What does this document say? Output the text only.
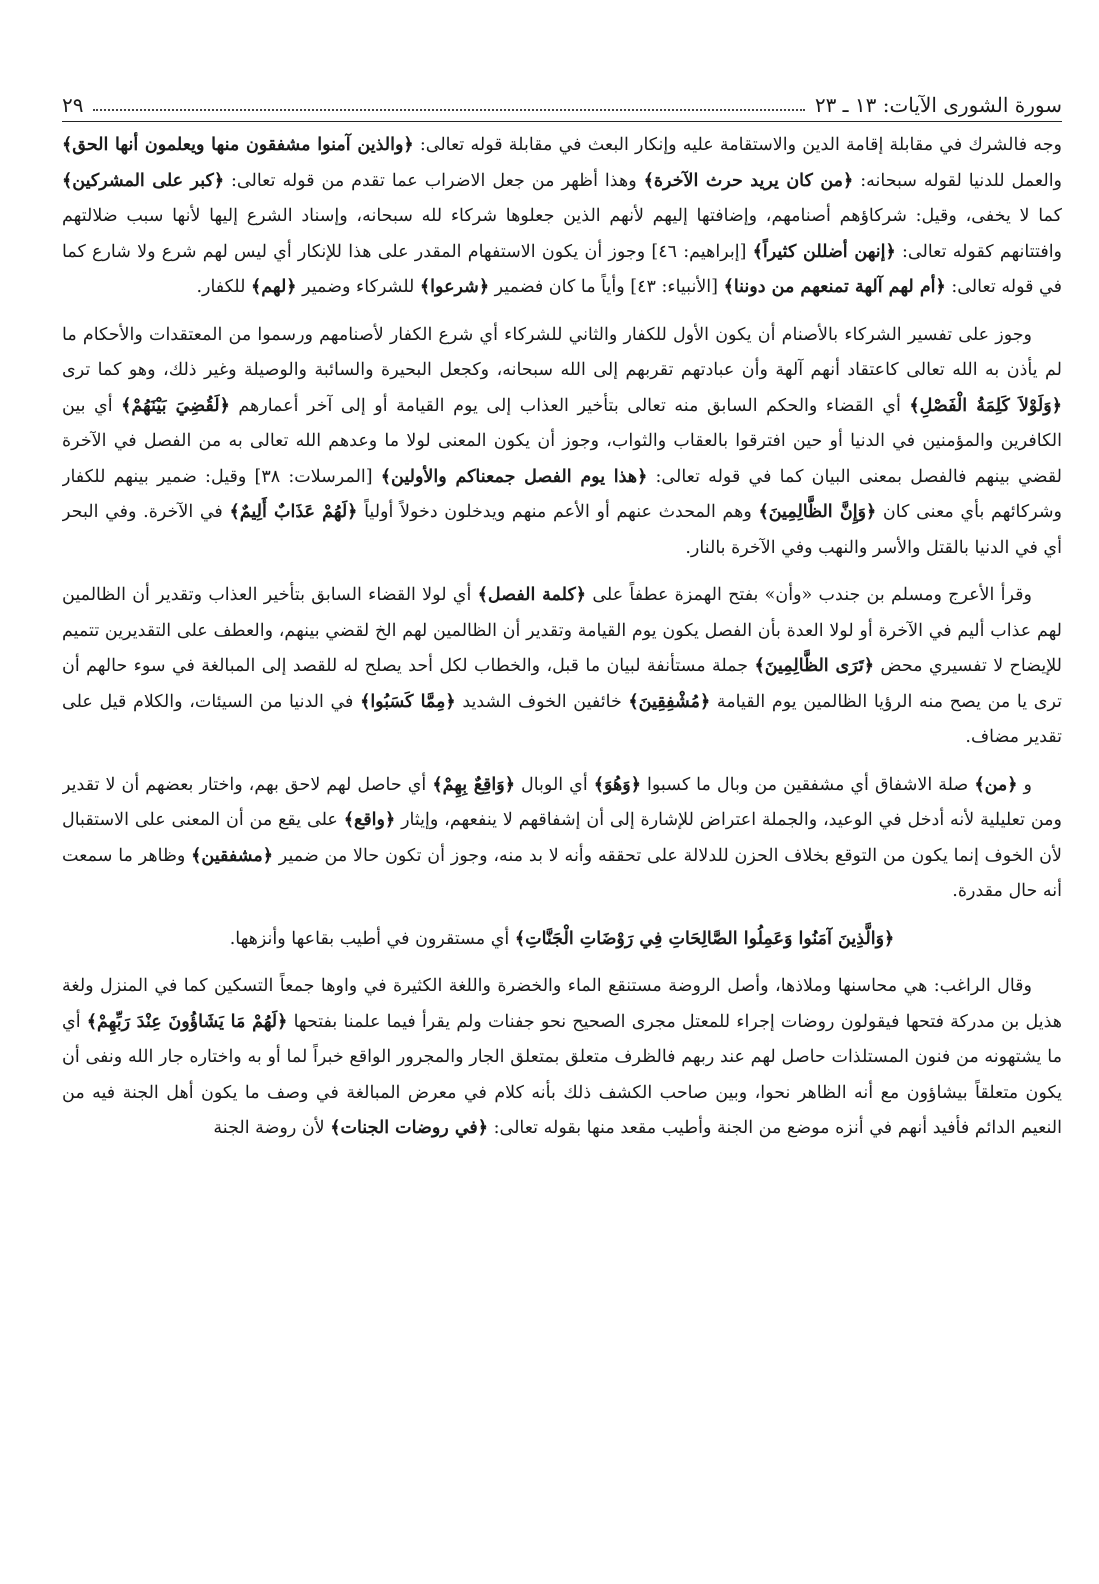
سورة الشورى الآيات: ١٣ ـ ٢٣
٢٩

وجه فالشرك في مقابلة إقامة الدين والاستقامة عليه وإنكار البعث في مقابلة قوله تعالى: ﴿والذين آمنوا مشفقون منها ويعلمون أنها الحق﴾ والعمل للدنيا لقوله سبحانه: ﴿من كان يريد حرث الآخرة﴾ وهذا أظهر من جعل الاضراب عما تقدم من قوله تعالى: ﴿كبر على المشركين﴾ كما لا يخفى، وقيل: شركاؤهم أصنامهم، وإضافتها إليهم لأنهم الذين جعلوها شركاء لله سبحانه، وإسناد الشرع إليها لأنها سبب ضلالتهم وافتتانهم كقوله تعالى: ﴿إنهن أضللن كثيراً﴾ [إبراهيم: ٤٦] وجوز أن يكون الاستفهام المقدر على هذا للإنكار أي ليس لهم شرع ولا شارع كما في قوله تعالى: ﴿أم لهم آلهة تمنعهم من دوننا﴾ [الأنبياء: ٤٣] وأياً ما كان فضمير ﴿شرعوا﴾ للشركاء وضمير ﴿لهم﴾ للكفار.

وجوز على تفسير الشركاء بالأصنام أن يكون الأول للكفار والثاني للشركاء أي شرع الكفار لأصنامهم ورسموا من المعتقدات والأحكام ما لم يأذن به الله تعالى كاعتقاد أنهم آلهة وأن عبادتهم تقربهم إلى الله سبحانه، وكجعل البحيرة والسائبة والوصيلة وغير ذلك، وهو كما ترى ﴿وَلَوْلاَ كَلِمَةُ الْفَصْلِ﴾ أي القضاء والحكم السابق منه تعالى بتأخير العذاب إلى يوم القيامة أو إلى آخر أعمارهم ﴿لَقُضِيَ بَيْنَهُمْ﴾ أي بين الكافرين والمؤمنين في الدنيا أو حين افترقوا بالعقاب والثواب، وجوز أن يكون المعنى لولا ما وعدهم الله تعالى به من الفصل في الآخرة لقضي بينهم فالفصل بمعنى البيان كما في قوله تعالى: ﴿هذا يوم الفصل جمعناكم والأولين﴾ [المرسلات: ٣٨] وقيل: ضمير بينهم للكفار وشركائهم بأي معنى كان ﴿وَإِنَّ الظَّالِمِينَ﴾ وهم المحدث عنهم أو الأعم منهم ويدخلون دخولاً أولياً ﴿لَهُمْ عَذَابٌ أَلِيمٌ﴾ في الآخرة. وفي البحر أي في الدنيا بالقتل والأسر والنهب وفي الآخرة بالنار.

وقرأ الأعرج ومسلم بن جندب «وأن» بفتح الهمزة عطفاً على ﴿كلمة الفصل﴾ أي لولا القضاء السابق بتأخير العذاب وتقدير أن الظالمين لهم عذاب أليم في الآخرة أو لولا العدة بأن الفصل يكون يوم القيامة وتقدير أن الظالمين لهم الخ لقضي بينهم، والعطف على التقديرين تتميم للإيضاح لا تفسيري محض ﴿تَرَى الظَّالِمِينَ﴾ جملة مستأنفة لبيان ما قبل، والخطاب لكل أحد يصلح له للقصد إلى المبالغة في سوء حالهم أن ترى يا من يصح منه الرؤيا الظالمين يوم القيامة ﴿مُشْفِقِينَ﴾ خائفين الخوف الشديد ﴿مِمَّا كَسَبُوا﴾ في الدنيا من السيئات، والكلام قيل على تقدير مضاف.

و ﴿من﴾ صلة الاشفاق أي مشفقين من وبال ما كسبوا ﴿وَهُوَ﴾ أي الوبال ﴿وَاقِعٌ بِهِمْ﴾ أي حاصل لهم لاحق بهم، واختار بعضهم أن لا تقدير ومن تعليلية لأنه أدخل في الوعيد، والجملة اعتراض للإشارة إلى أن إشفاقهم لا ينفعهم، وإيثار ﴿واقع﴾ على يقع من أن المعنى على الاستقبال لأن الخوف إنما يكون من التوقع بخلاف الحزن للدلالة على تحققه وأنه لا بد منه، وجوز أن تكون حالا من ضمير ﴿مشفقين﴾ وظاهر ما سمعت أنه حال مقدرة.

﴿وَالَّذِينَ آمَنُوا وَعَمِلُوا الصَّالِحَاتِ فِي رَوْضَاتِ الْجَنَّاتِ﴾ أي مستقرون في أطيب بقاعها وأنزهها.

وقال الراغب: هي محاسنها وملاذها، وأصل الروضة مستنقع الماء والخضرة واللغة الكثيرة في واوها جمعاً التسكين كما في المنزل ولغة هذيل بن مدركة فتحها فيقولون روضات إجراء للمعتل مجرى الصحيح نحو جفنات ولم يقرأ فيما علمنا بفتحها ﴿لَهُمْ مَا يَشَاؤُونَ عِنْدَ رَبِّهِمْ﴾ أي ما يشتهونه من فنون المستلذات حاصل لهم عند ربهم فالظرف متعلق بمتعلق الجار والمجرور الواقع خبراً لما أو به واختاره جار الله ونفى أن يكون متعلقاً بيشاؤون مع أنه الظاهر نحوا، وبين صاحب الكشف ذلك بأنه كلام في معرض المبالغة في وصف ما يكون أهل الجنة فيه من النعيم الدائم فأفيد أنهم في أنزه موضع من الجنة وأطيب مقعد منها بقوله تعالى: ﴿في روضات الجنات﴾ لأن روضة الجنة
